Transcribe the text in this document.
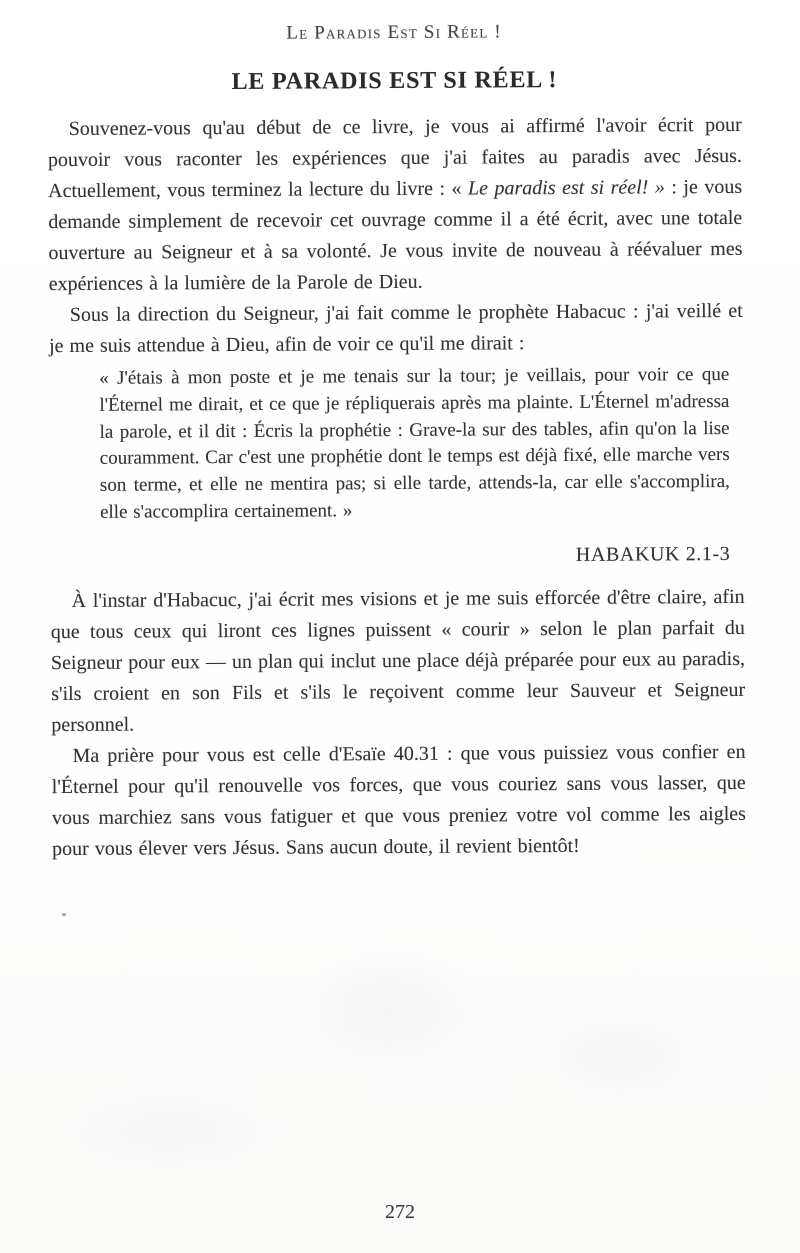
Le Paradis Est Si Réel !
LE PARADIS EST SI RÉEL !

Souvenez-vous qu'au début de ce livre, je vous ai affirmé l'avoir écrit pour pouvoir vous raconter les expériences que j'ai faites au paradis avec Jésus. Actuellement, vous terminez la lecture du livre : « Le paradis est si réel! » : je vous demande simplement de recevoir cet ouvrage comme il a été écrit, avec une totale ouverture au Seigneur et à sa volonté. Je vous invite de nouveau à réévaluer mes expériences à la lumière de la Parole de Dieu.

Sous la direction du Seigneur, j'ai fait comme le prophète Habacuc : j'ai veillé et je me suis attendue à Dieu, afin de voir ce qu'il me dirait :

« J'étais à mon poste et je me tenais sur la tour; je veillais, pour voir ce que l'Éternel me dirait, et ce que je répliquerais après ma plainte. L'Éternel m'adressa la parole, et il dit : Écris la prophétie : Grave-la sur des tables, afin qu'on la lise couramment. Car c'est une prophétie dont le temps est déjà fixé, elle marche vers son terme, et elle ne mentira pas; si elle tarde, attends-la, car elle s'accomplira, elle s'accomplira certainement. »
HABAKUK 2.1-3

À l'instar d'Habacuc, j'ai écrit mes visions et je me suis efforcée d'être claire, afin que tous ceux qui liront ces lignes puissent « courir » selon le plan parfait du Seigneur pour eux — un plan qui inclut une place déjà préparée pour eux au paradis, s'ils croient en son Fils et s'ils le reçoivent comme leur Sauveur et Seigneur personnel.

Ma prière pour vous est celle d'Esaïe 40.31 : que vous puissiez vous confier en l'Éternel pour qu'il renouvelle vos forces, que vous couriez sans vous lasser, que vous marchiez sans vous fatiguer et que vous preniez votre vol comme les aigles pour vous élever vers Jésus. Sans aucun doute, il revient bientôt!

272
